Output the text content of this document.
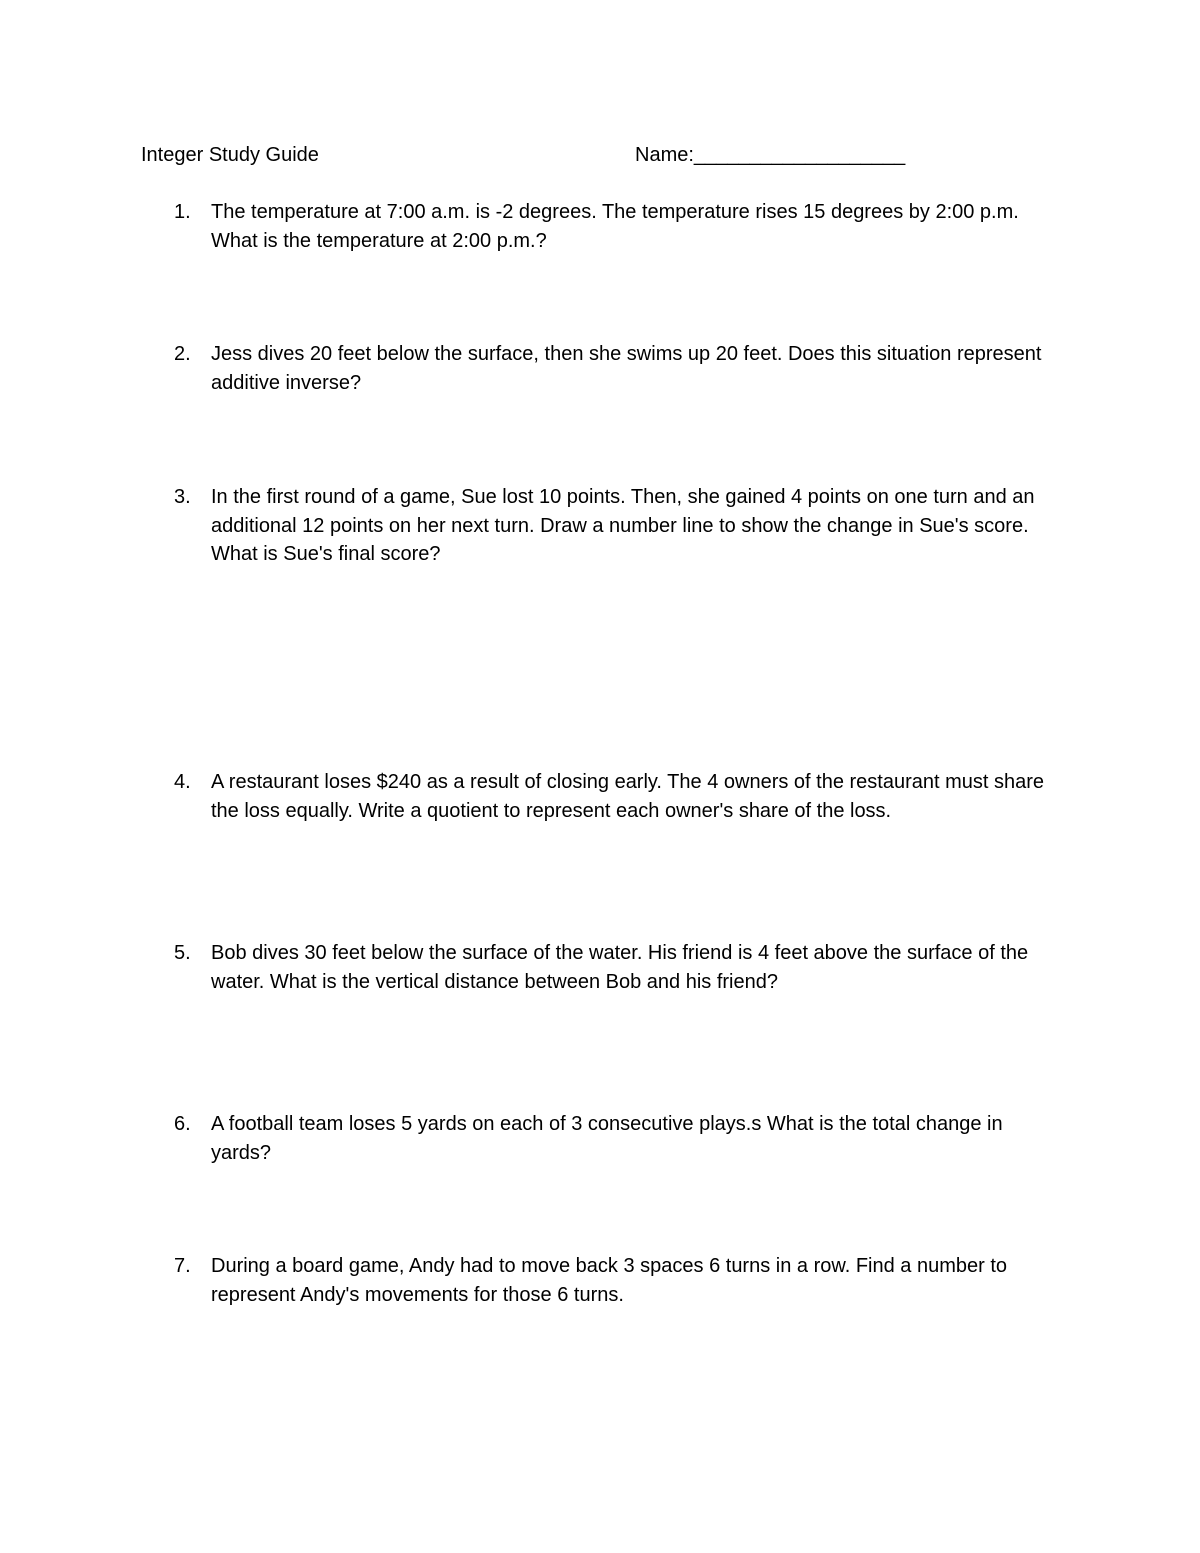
Integer Study Guide	Name:___________________
1.	The temperature at 7:00 a.m. is -2 degrees. The temperature rises 15 degrees by 2:00 p.m. What is the temperature at 2:00 p.m.?
2.	Jess dives 20 feet below the surface, then she swims up 20 feet. Does this situation represent additive inverse?
3.	In the first round of a game, Sue lost 10 points. Then, she gained 4 points on one turn and an additional 12 points on her next turn. Draw a number line to show the change in Sue's score. What is Sue's final score?
4.	A restaurant loses $240 as a result of closing early. The 4 owners of the restaurant must share the loss equally. Write a quotient to represent each owner's share of the loss.
5.	Bob dives 30 feet below the surface of the water. His friend is 4 feet above the surface of the water. What is the vertical distance between Bob and his friend?
6.	A football team loses 5 yards on each of 3 consecutive plays.s What is the total change in yards?
7.	During a board game, Andy had to move back 3 spaces 6 turns in a row. Find a number to represent Andy's movements for those 6 turns.
